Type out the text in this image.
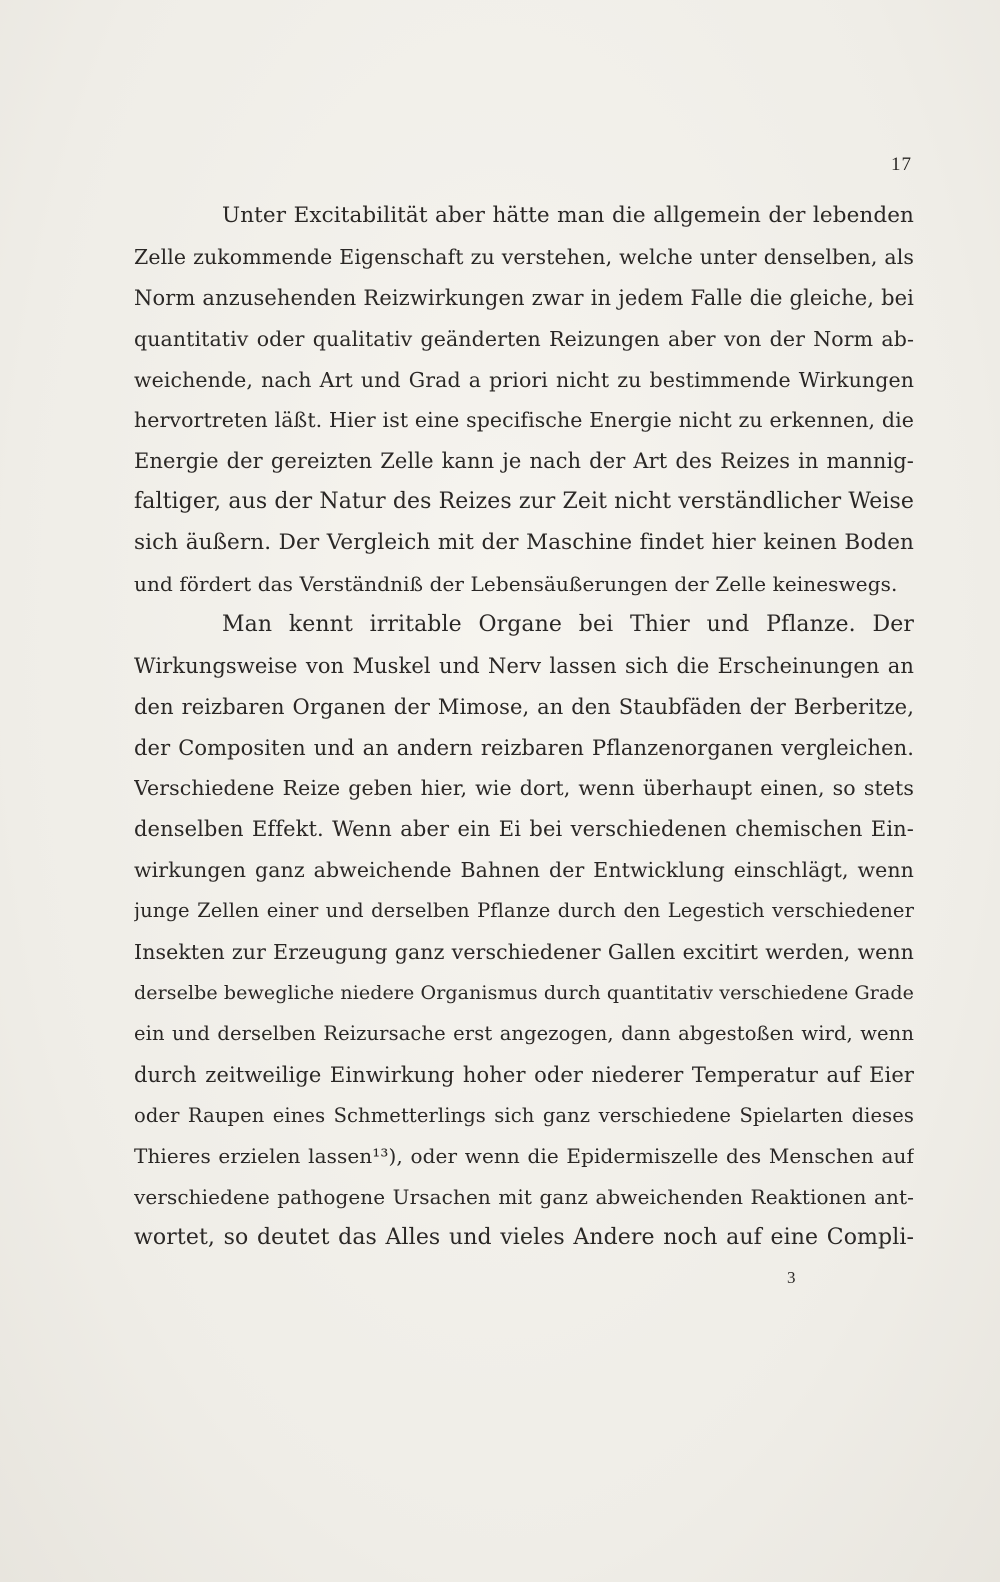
17
Unter Excitabilität aber hätte man die allgemein der lebenden
Zelle zukommende Eigenschaft zu verstehen, welche unter denselben, als
Norm anzusehenden Reizwirkungen zwar in jedem Falle die gleiche, bei
quantitativ oder qualitativ geänderten Reizungen aber von der Norm ab-
weichende, nach Art und Grad a priori nicht zu bestimmende Wirkungen
hervortreten läßt. Hier ist eine specifische Energie nicht zu erkennen, die
Energie der gereizten Zelle kann je nach der Art des Reizes in mannig-
faltiger, aus der Natur des Reizes zur Zeit nicht verständlicher Weise
sich äußern. Der Vergleich mit der Maschine findet hier keinen Boden
und fördert das Verständniß der Lebensäußerungen der Zelle keineswegs.
Man kennt irritable Organe bei Thier und Pflanze. Der
Wirkungsweise von Muskel und Nerv lassen sich die Erscheinungen an
den reizbaren Organen der Mimose, an den Staubfäden der Berberitze,
der Compositen und an andern reizbaren Pflanzenorganen vergleichen.
Verschiedene Reize geben hier, wie dort, wenn überhaupt einen, so stets
denselben Effekt. Wenn aber ein Ei bei verschiedenen chemischen Ein-
wirkungen ganz abweichende Bahnen der Entwicklung einschlägt, wenn
junge Zellen einer und derselben Pflanze durch den Legestich verschiedener
Insekten zur Erzeugung ganz verschiedener Gallen excitirt werden, wenn
derselbe bewegliche niedere Organismus durch quantitativ verschiedene Grade
ein und derselben Reizursache erst angezogen, dann abgestoßen wird, wenn
durch zeitweilige Einwirkung hoher oder niederer Temperatur auf Eier
oder Raupen eines Schmetterlings sich ganz verschiedene Spielarten dieses
Thieres erzielen lassen¹³), oder wenn die Epidermiszelle des Menschen auf
verschiedene pathogene Ursachen mit ganz abweichenden Reaktionen ant-
wortet, so deutet das Alles und vieles Andere noch auf eine Compli-
3
